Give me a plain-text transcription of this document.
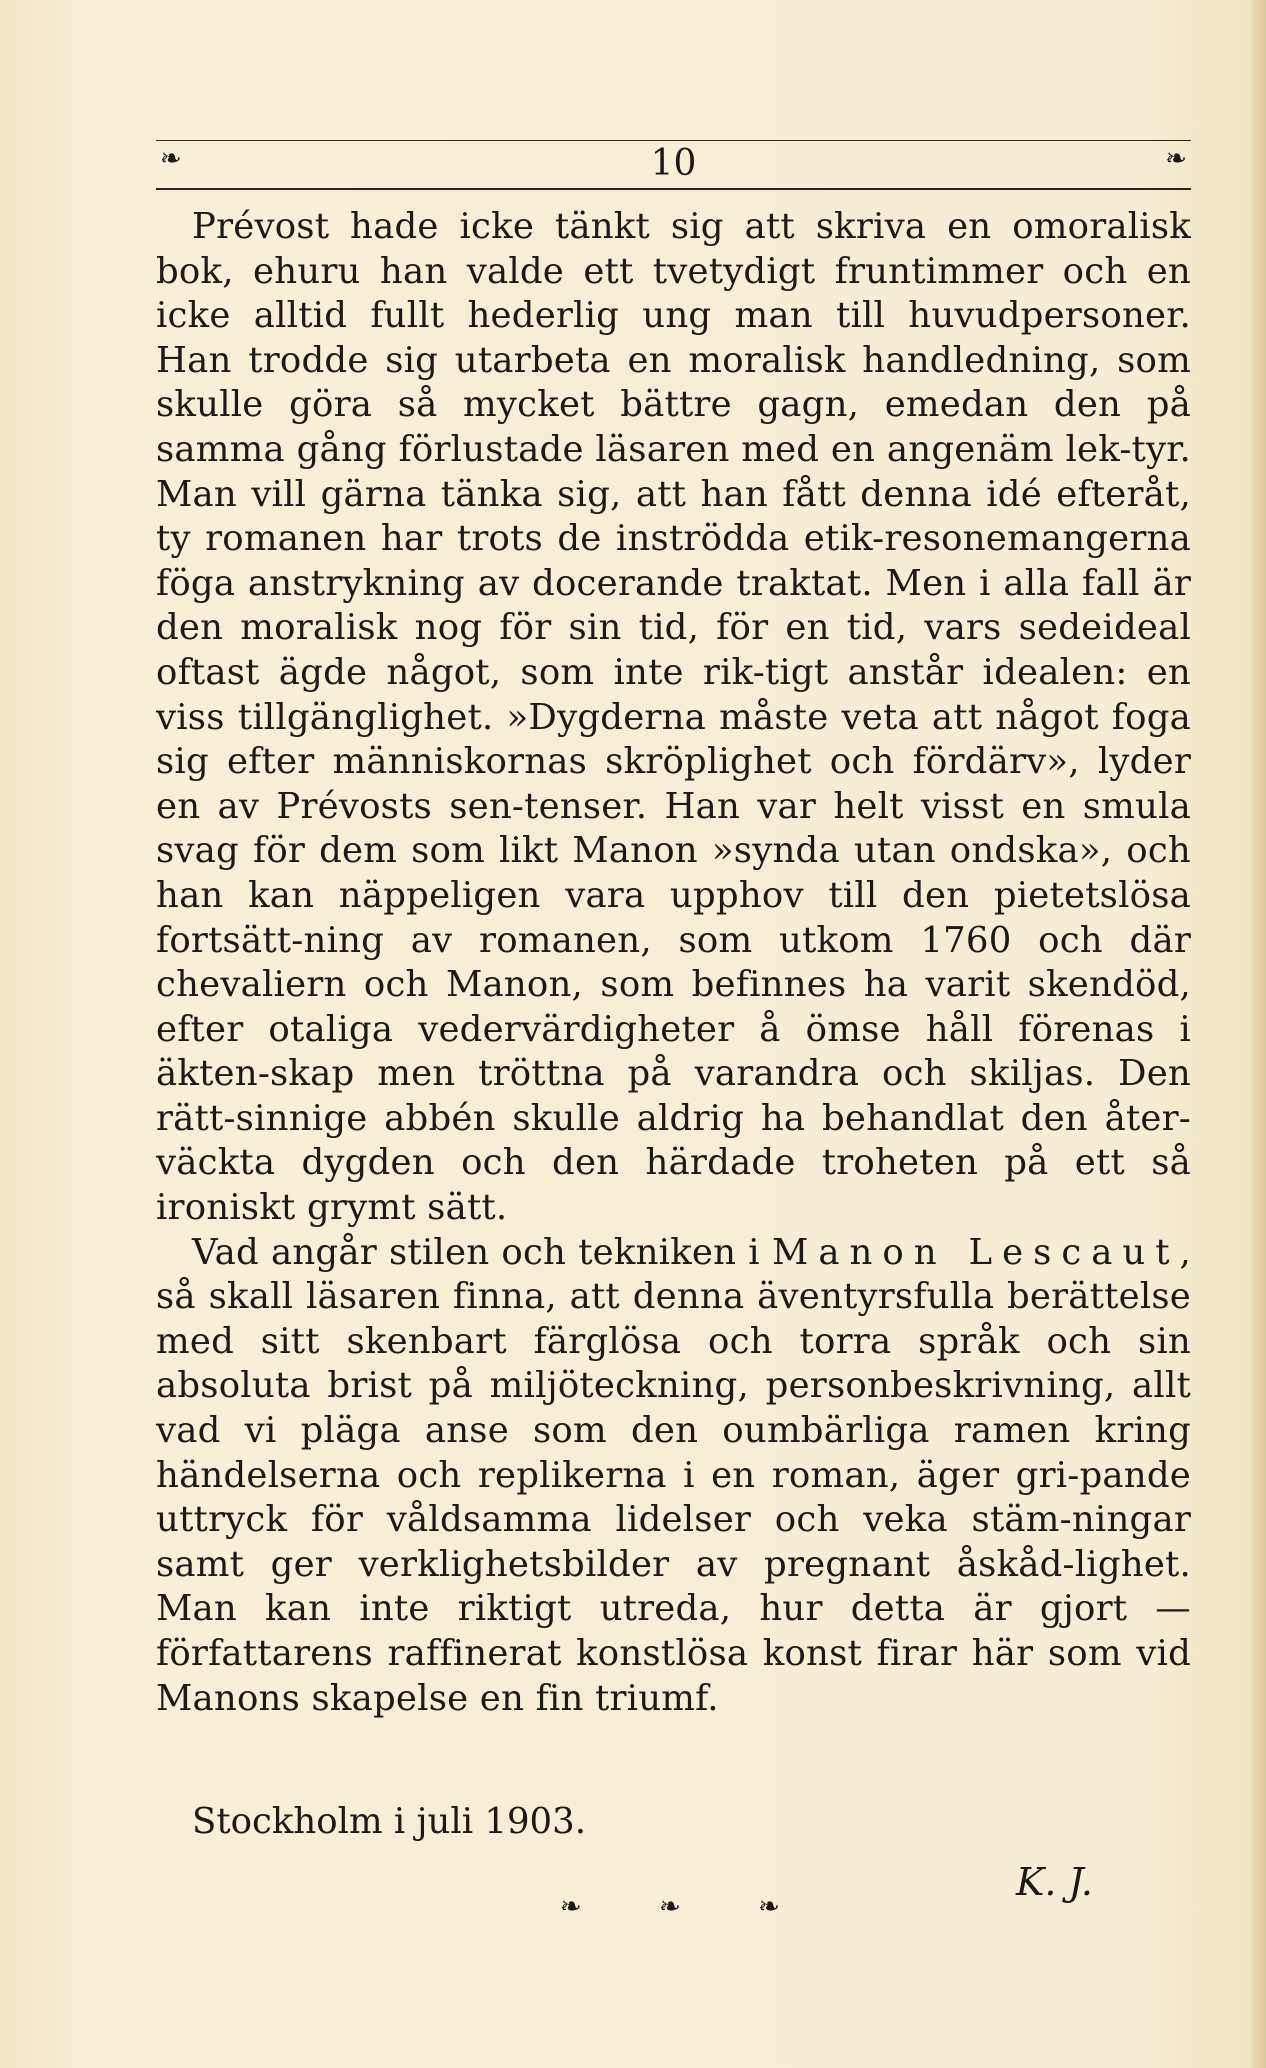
❧	10	❧

Prévost hade icke tänkt sig att skriva en omoralisk bok, ehuru han valde ett tvetydigt fruntimmer och en icke alltid fullt hederlig ung man till huvudpersoner. Han trodde sig utarbeta en moralisk handledning, som skulle göra så mycket bättre gagn, emedan den på samma gång förlustade läsaren med en angenäm lek-tyr. Man vill gärna tänka sig, att han fått denna idé efteråt, ty romanen har trots de inströdda etik-resonemangerna föga anstrykning av docerande traktat. Men i alla fall är den moralisk nog för sin tid, för en tid, vars sedeideal oftast ägde något, som inte rik-tigt anstår idealen: en viss tillgänglighet. »Dygderna måste veta att något foga sig efter människornas skröplighet och fördärv», lyder en av Prévosts sen-tenser. Han var helt visst en smula svag för dem som likt Manon »synda utan ondska», och han kan näppeligen vara upphov till den pietetslösa fortsätt-ning av romanen, som utkom 1760 och där chevaliern och Manon, som befinnes ha varit skendöd, efter otaliga vedervärdigheter å ömse håll förenas i äkten-skap men tröttna på varandra och skiljas. Den rätt-sinnige abbén skulle aldrig ha behandlat den åter-väckta dygden och den härdade troheten på ett så ironiskt grymt sätt.

Vad angår stilen och tekniken i Manon Lescaut, så skall läsaren finna, att denna äventyrsfulla berättelse med sitt skenbart färglösa och torra språk och sin absoluta brist på miljöteckning, personbeskrivning, allt vad vi pläga anse som den oumbärliga ramen kring händelserna och replikerna i en roman, äger gri-pande uttryck för våldsamma lidelser och veka stäm-ningar samt ger verklighetsbilder av pregnant åskåd-lighet. Man kan inte riktigt utreda, hur detta är gjort — författarens raffinerat konstlösa konst firar här som vid Manons skapelse en fin triumf.

Stockholm i juli 1903.
K. J.
❧	❧	❧
